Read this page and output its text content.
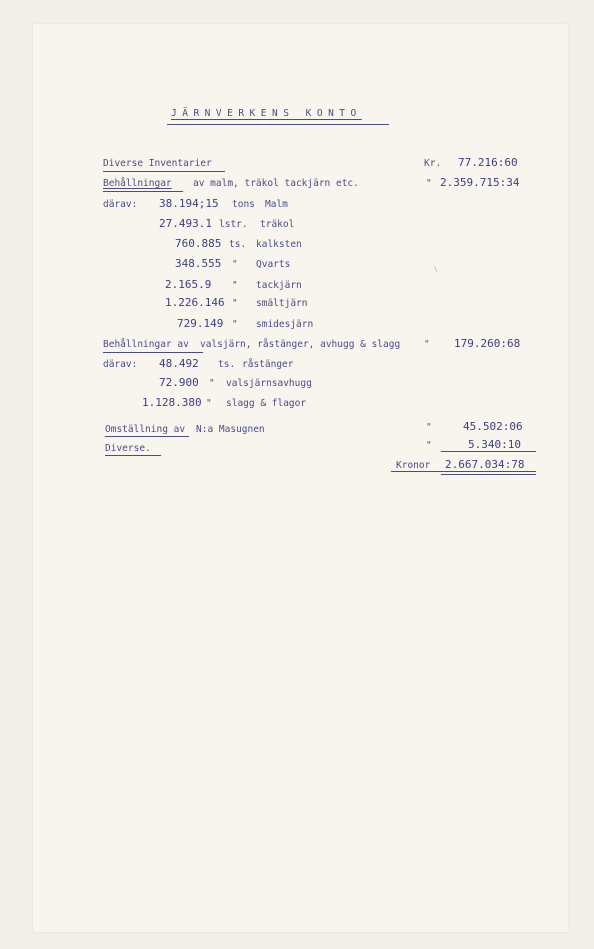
JÄRNVERKENS KONTO
Diverse Inventarier	Kr. 77.216:60
Behållningar av malm, träkol tackjärn etc.	" 2.359.715:34
därav: 38.194;15 tons Malm
27.493.1 lstr. träkol
760.885 ts. kalksten
348.555 " Qvarts
2.165.9 " tackjärn
1.226.146 " smältjärn
729.149 " smidesjärn
Behållningar av valsjärn, råstänger, avhugg & slagg	" 179.260:68
därav: 48.492 ts. råstänger
72.900 " valsjärnsavhugg
1.128.380 " slagg & flagor
Omställning av N:a Masugnen	"	45.502:06
Diverse.	"	5.340:10
Kronor 2.667.034:78
\
